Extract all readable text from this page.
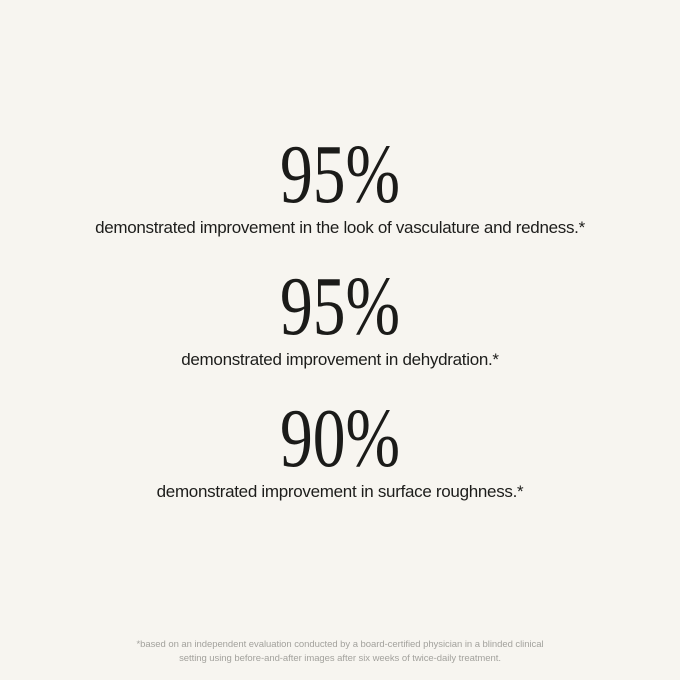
95%
demonstrated improvement in the look of vasculature and redness.*
95%
demonstrated improvement in dehydration.*
90%
demonstrated improvement in surface roughness.*
*based on an independent evaluation conducted by a board-certified physician in a blinded clinical
setting using before-and-after images after six weeks of twice-daily treatment.
